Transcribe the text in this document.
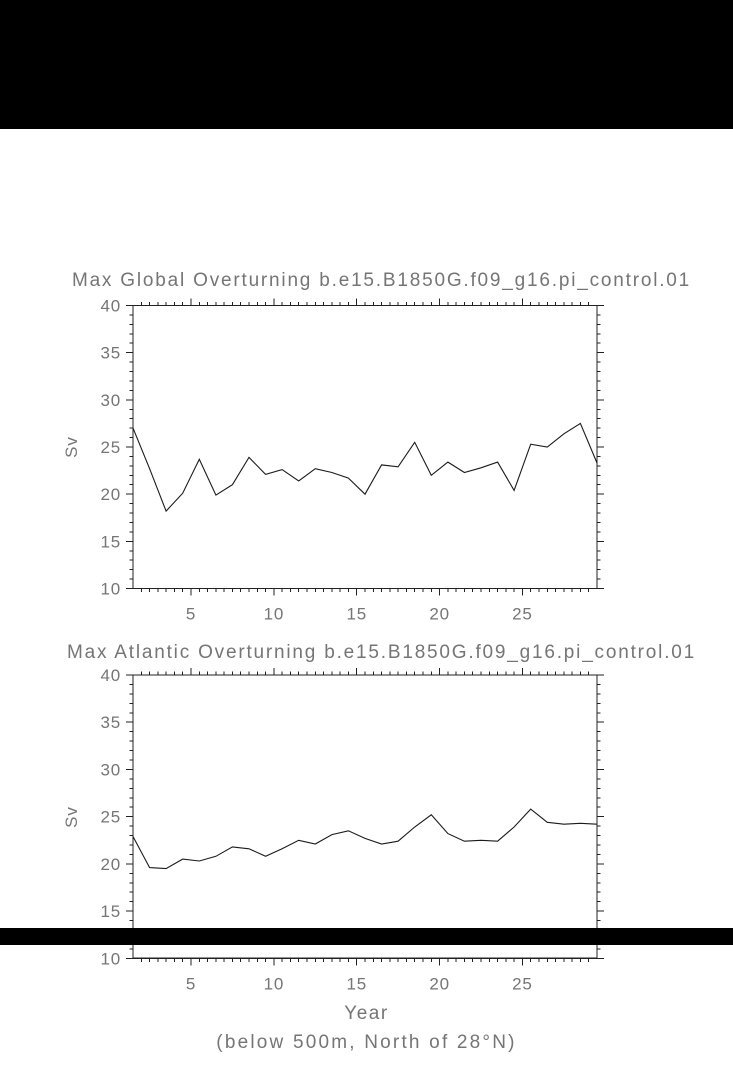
Max Global Overturning b.e15.B1850G.f09_g16.pi_control.01
Max Atlantic Overturning b.e15.B1850G.f09_g16.pi_control.01
Sv
Sv
Year
(below 500m, North of 28°N)
10
15
20
25
30
35
40
5	10	15	20	25
10
15
20
25
30
35
40
5	10	15	20	25
